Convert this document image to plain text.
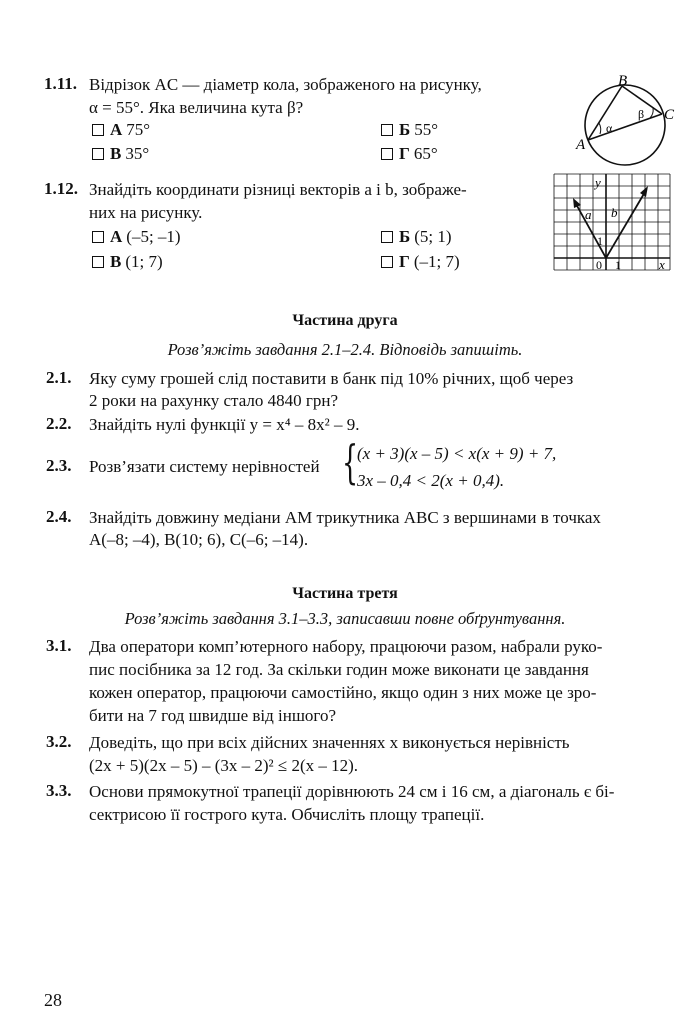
1.11. Відрізок AC — діаметр кола, зображеного на рисунку,
α = 55°. Яка величина кута β?
А 75°	Б 55°
В 35°	Г 65°
B
A
C
α
β
1.12. Знайдіть координати різниці векторів a і b, зображе-
них на рисунку.
А (–5; –1)	Б (5; 1)
В (1; 7)	Г (–1; 7)
y
x
a b
0 1
1
Частина друга
Розв’яжіть завдання 2.1–2.4. Відповідь запишіть.
2.1. Яку суму грошей слід поставити в банк під 10% річних, щоб через
2 роки на рахунку стало 4840 грн?
2.2. Знайдіть нулі функції y = x⁴ – 8x² – 9.
2.3. Розв’язати систему нерівностей {
(x + 3)(x – 5) < x(x + 9) + 7,
3x – 0,4 < 2(x + 0,4).
2.4. Знайдіть довжину медіани AM трикутника ABC з вершинами в точках
A(–8; –4), B(10; 6), C(–6; –14).
Частина третя
Розв’яжіть завдання 3.1–3.3, записавши повне обґрунтування.
3.1. Два оператори комп’ютерного набору, працюючи разом, набрали руко-
пис посібника за 12 год. За скільки годин може виконати це завдання
кожен оператор, працюючи самостійно, якщо один з них може це зро-
бити на 7 год швидше від іншого?
3.2. Доведіть, що при всіх дійсних значеннях x виконується нерівність
(2x + 5)(2x – 5) – (3x – 2)² ≤ 2(x – 12).
3.3. Основи прямокутної трапеції дорівнюють 24 см і 16 см, а діагональ є бі-
сектрисою її гострого кута. Обчисліть площу трапеції.
28
